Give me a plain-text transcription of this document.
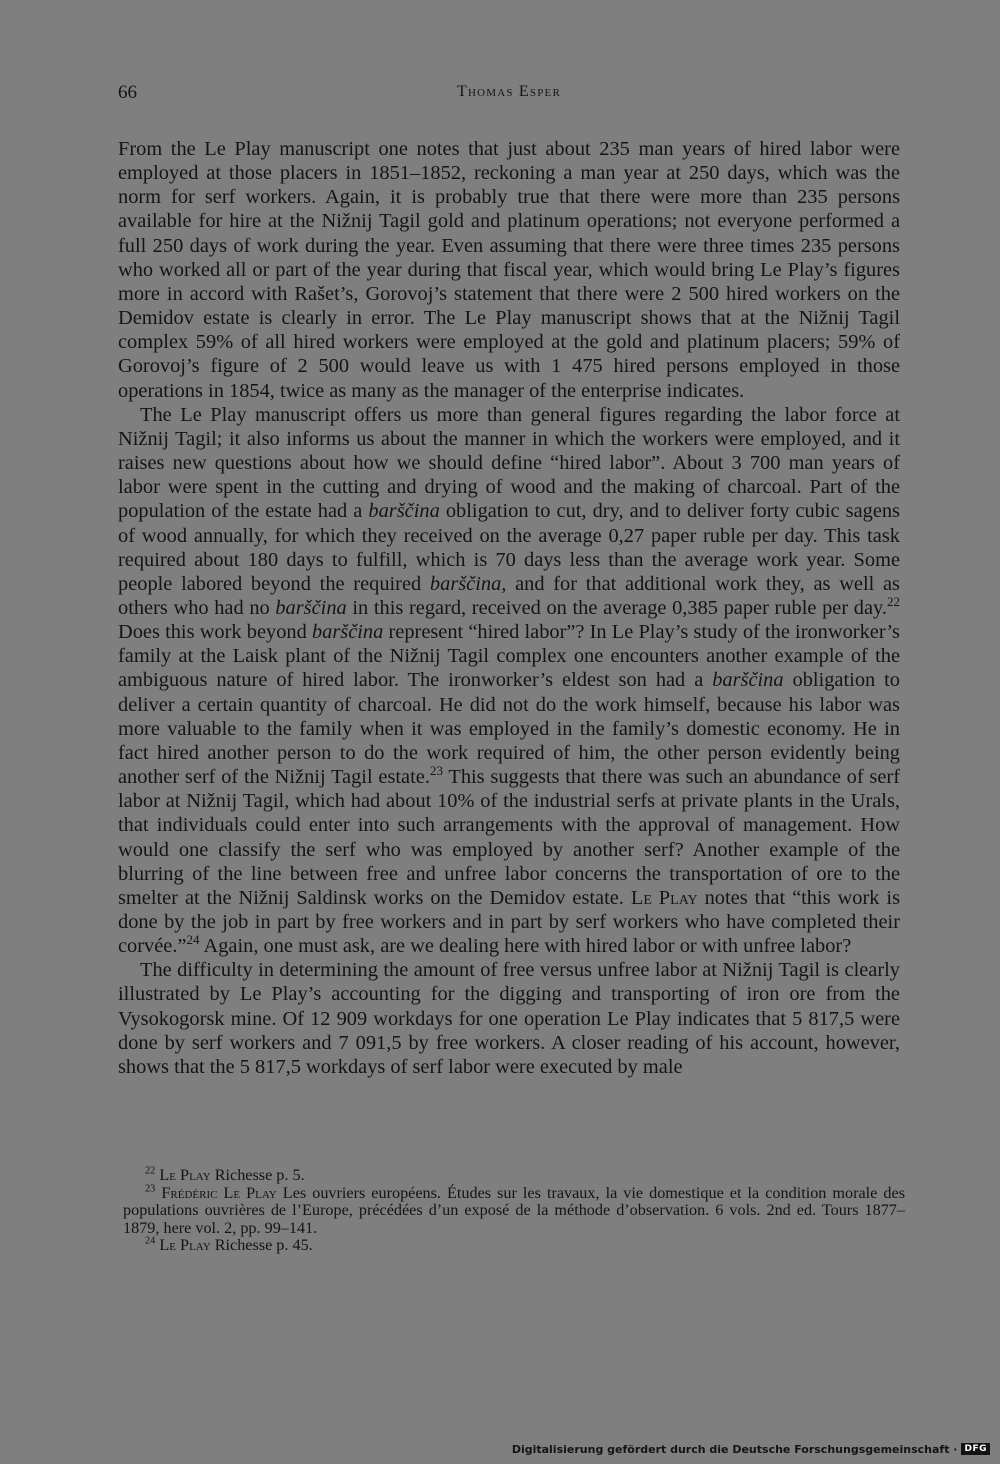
66	Thomas Esper

From the Le Play manuscript one notes that just about 235 man years of hired labor were employed at those placers in 1851–1852, reckoning a man year at 250 days, which was the norm for serf workers. Again, it is probably true that there were more than 235 persons available for hire at the Nižnij Tagil gold and platinum operations; not everyone performed a full 250 days of work during the year. Even assuming that there were three times 235 persons who worked all or part of the year during that fiscal year, which would bring Le Play’s figures more in accord with Rašet’s, Gorovoj’s statement that there were 2 500 hired workers on the Demidov estate is clearly in error. The Le Play manuscript shows that at the Nižnij Tagil complex 59% of all hired workers were employed at the gold and platinum placers; 59% of Gorovoj’s figure of 2 500 would leave us with 1 475 hired persons employed in those operations in 1854, twice as many as the manager of the enterprise indicates.

The Le Play manuscript offers us more than general figures regarding the labor force at Nižnij Tagil; it also informs us about the manner in which the workers were employed, and it raises new questions about how we should define “hired labor”. About 3 700 man years of labor were spent in the cutting and drying of wood and the making of charcoal. Part of the population of the estate had a barščina obligation to cut, dry, and to deliver forty cubic sagens of wood annually, for which they received on the average 0,27 paper ruble per day. This task required about 180 days to fulfill, which is 70 days less than the average work year. Some people labored beyond the required barščina, and for that additional work they, as well as others who had no barščina in this regard, received on the average 0,385 paper ruble per day.$^{22}$ Does this work beyond barščina represent “hired labor”? In Le Play’s study of the ironworker’s family at the Laisk plant of the Nižnij Tagil complex one encounters another example of the ambiguous nature of hired labor. The ironworker’s eldest son had a barščina obligation to deliver a certain quantity of charcoal. He did not do the work himself, because his labor was more valuable to the family when it was employed in the family’s domestic economy. He in fact hired another person to do the work required of him, the other person evidently being another serf of the Nižnij Tagil estate.$^{23}$ This suggests that there was such an abundance of serf labor at Nižnij Tagil, which had about 10% of the industrial serfs at private plants in the Urals, that individuals could enter into such arrangements with the approval of management. How would one classify the serf who was employed by another serf? Another example of the blurring of the line between free and unfree labor concerns the transportation of ore to the smelter at the Nižnij Saldinsk works on the Demidov estate. Le Play notes that “this work is done by the job in part by free workers and in part by serf workers who have completed their corvée.”$^{24}$ Again, one must ask, are we dealing here with hired labor or with unfree labor?

The difficulty in determining the amount of free versus unfree labor at Nižnij Tagil is clearly illustrated by Le Play’s accounting for the digging and transporting of iron ore from the Vysokogorsk mine. Of 12 909 workdays for one operation Le Play indicates that 5 817,5 were done by serf workers and 7 091,5 by free workers. A closer reading of his account, however, shows that the 5 817,5 workdays of serf labor were executed by male

$^{22}$ Le Play Richesse p. 5.

$^{23}$ Frédéric Le Play Les ouvriers européens. Études sur les travaux, la vie domestique et la condition morale des populations ouvrières de l’Europe, précédées d’un exposé de la méthode d’observation. 6 vols. 2nd ed. Tours 1877–1879, here vol. 2, pp. 99–141.

$^{24}$ Le Play Richesse p. 45.

Digitalisierung gefördert durch die Deutsche Forschungsgemeinschaft · DFG
